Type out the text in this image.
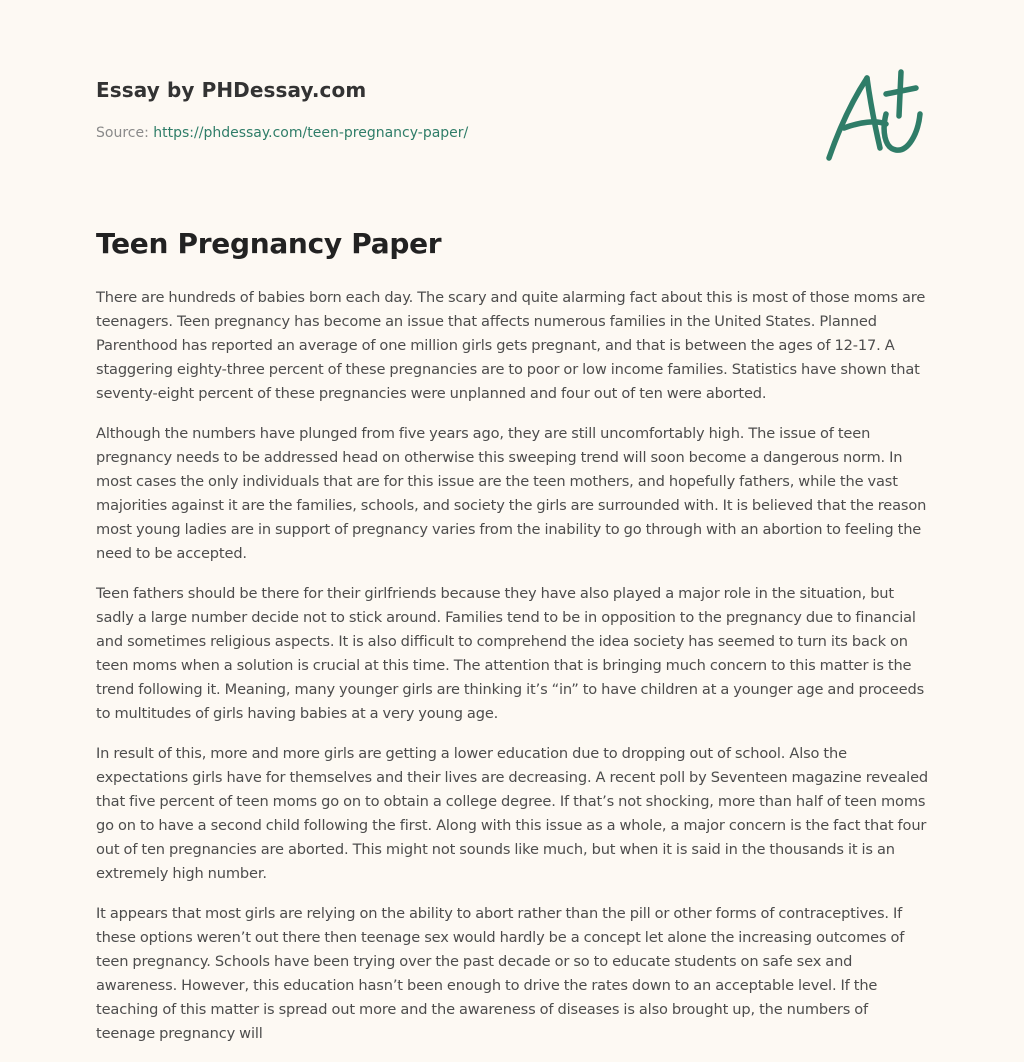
Essay by PHDessay.com
Source: https://phdessay.com/teen-pregnancy-paper/
Teen Pregnancy Paper

There are hundreds of babies born each day. The scary and quite alarming fact about this is most of those moms are teenagers. Teen pregnancy has become an issue that affects numerous families in the United States. Planned Parenthood has reported an average of one million girls gets pregnant, and that is between the ages of 12-17. A staggering eighty-three percent of these pregnancies are to poor or low income families. Statistics have shown that seventy-eight percent of these pregnancies were unplanned and four out of ten were aborted.

Although the numbers have plunged from five years ago, they are still uncomfortably high. The issue of teen pregnancy needs to be addressed head on otherwise this sweeping trend will soon become a dangerous norm. In most cases the only individuals that are for this issue are the teen mothers, and hopefully fathers, while the vast majorities against it are the families, schools, and society the girls are surrounded with. It is believed that the reason most young ladies are in support of pregnancy varies from the inability to go through with an abortion to feeling the need to be accepted.

Teen fathers should be there for their girlfriends because they have also played a major role in the situation, but sadly a large number decide not to stick around. Families tend to be in opposition to the pregnancy due to financial and sometimes religious aspects. It is also difficult to comprehend the idea society has seemed to turn its back on teen moms when a solution is crucial at this time. The attention that is bringing much concern to this matter is the trend following it. Meaning, many younger girls are thinking it’s “in” to have children at a younger age and proceeds to multitudes of girls having babies at a very young age.

In result of this, more and more girls are getting a lower education due to dropping out of school. Also the expectations girls have for themselves and their lives are decreasing. A recent poll by Seventeen magazine revealed that five percent of teen moms go on to obtain a college degree. If that’s not shocking, more than half of teen moms go on to have a second child following the first. Along with this issue as a whole, a major concern is the fact that four out of ten pregnancies are aborted. This might not sounds like much, but when it is said in the thousands it is an extremely high number.

It appears that most girls are relying on the ability to abort rather than the pill or other forms of contraceptives. If these options weren’t out there then teenage sex would hardly be a concept let alone the increasing outcomes of teen pregnancy. Schools have been trying over the past decade or so to educate students on safe sex and awareness. However, this education hasn’t been enough to drive the rates down to an acceptable level. If the teaching of this matter is spread out more and the awareness of diseases is also brought up, the numbers of teenage pregnancy will
